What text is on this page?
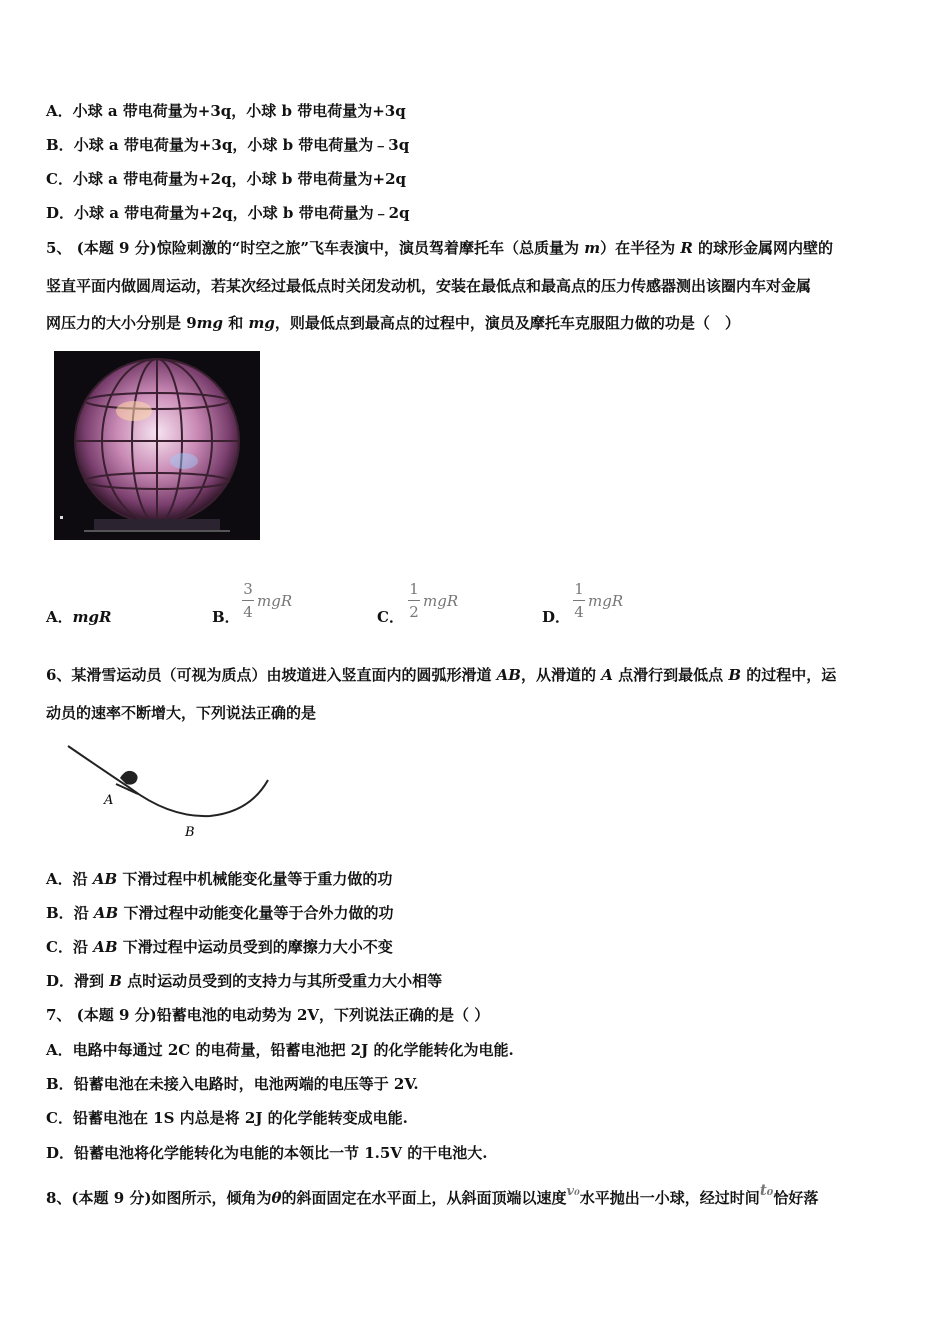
A．小球 a 带电荷量为+3q，小球 b 带电荷量为+3q
B．小球 a 带电荷量为+3q，小球 b 带电荷量为﹣3q
C．小球 a 带电荷量为+2q，小球 b 带电荷量为+2q
D．小球 a 带电荷量为+2q，小球 b 带电荷量为﹣2q
5、 (本题 9 分)惊险刺激的“时空之旅”飞车表演中，演员驾着摩托车（总质量为 m）在半径为 R 的球形金属网内壁的
竖直平面内做圆周运动，若某次经过最低点时关闭发动机，安装在最低点和最高点的压力传感器测出该圈内车对金属
网压力的大小分别是 9mg 和 mg，则最低点到最高点的过程中，演员及摩托车克服阻力做的功是（　）
A．mgR	B．
3
4
mgR
C．
1
2
mgR
D．
1
4
mgR
6、某滑雪运动员（可视为质点）由坡道进入竖直面内的圆弧形滑道 AB，从滑道的 A 点滑行到最低点 B 的过程中，运
动员的速率不断增大，下列说法正确的是
A
B
A．沿 AB 下滑过程中机械能变化量等于重力做的功
B．沿 AB 下滑过程中动能变化量等于合外力做的功
C．沿 AB 下滑过程中运动员受到的摩擦力大小不变
D．滑到 B 点时运动员受到的支持力与其所受重力大小相等
7、 (本题 9 分)铅蓄电池的电动势为 2V，下列说法正确的是（ ）
A．电路中每通过 2C 的电荷量，铅蓄电池把 2J 的化学能转化为电能.
B．铅蓄电池在未接入电路时，电池两端的电压等于 2V.
C．铅蓄电池在 1S 内总是将 2J 的化学能转变成电能.
D．铅蓄电池将化学能转化为电能的本领比一节 1.5V 的干电池大.
8、(本题 9 分)如图所示，倾角为θ的斜面固定在水平面上，从斜面顶端以速度v₀水平抛出一小球，经过时间t₀恰好落
